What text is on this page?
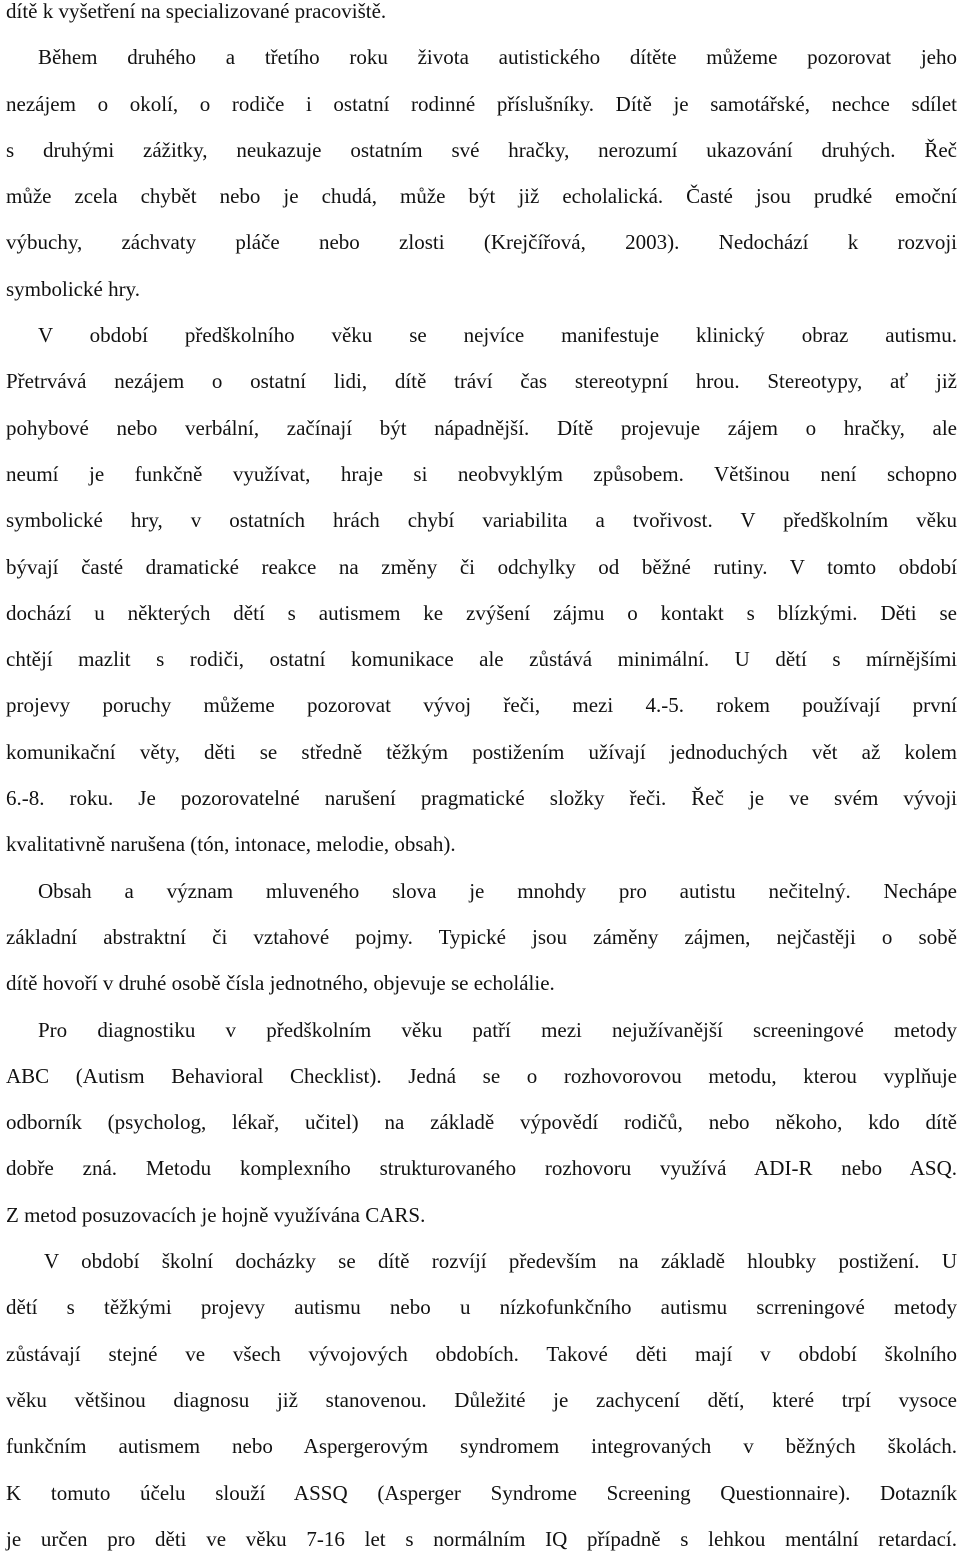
dítě k vyšetření na specializované pracoviště.
Během druhého a třetího roku života autistického dítěte můžeme pozorovat jeho
nezájem o okolí, o rodiče i ostatní rodinné příslušníky. Dítě je samotářské, nechce sdílet
s druhými zážitky, neukazuje ostatním své hračky, nerozumí ukazování druhých. Řeč
může zcela chybět nebo je chudá, může být již echolalická. Časté jsou prudké emoční
výbuchy, záchvaty pláče nebo zlosti (Krejčířová, 2003). Nedochází k rozvoji
symbolické hry.
V období předškolního věku se nejvíce manifestuje klinický obraz autismu.
Přetrvává nezájem o ostatní lidi, dítě tráví čas stereotypní hrou. Stereotypy, ať již
pohybové nebo verbální, začínají být nápadnější. Dítě projevuje zájem o hračky, ale
neumí je funkčně využívat, hraje si neobvyklým způsobem. Většinou není schopno
symbolické hry, v ostatních hrách chybí variabilita a tvořivost. V předškolním věku
bývají časté dramatické reakce na změny či odchylky od běžné rutiny. V tomto období
dochází u některých dětí s autismem ke zvýšení zájmu o kontakt s blízkými. Děti se
chtějí mazlit s rodiči, ostatní komunikace ale zůstává minimální. U dětí s mírnějšími
projevy poruchy můžeme pozorovat vývoj řeči, mezi 4.-5. rokem používají první
komunikační věty, děti se středně těžkým postižením užívají jednoduchých vět až kolem
6.-8. roku. Je pozorovatelné narušení pragmatické složky řeči. Řeč je ve svém vývoji
kvalitativně narušena (tón, intonace, melodie, obsah).
Obsah a význam mluveného slova je mnohdy pro autistu nečitelný. Nechápe
základní abstraktní či vztahové pojmy. Typické jsou záměny zájmen, nejčastěji o sobě
dítě hovoří v druhé osobě čísla jednotného, objevuje se echolálie.
Pro diagnostiku v předškolním věku patří mezi nejužívanější screeningové metody
ABC (Autism Behavioral Checklist). Jedná se o rozhovorovou metodu, kterou vyplňuje
odborník (psycholog, lékař, učitel) na základě výpovědí rodičů, nebo někoho, kdo dítě
dobře zná. Metodu komplexního strukturovaného rozhovoru využívá ADI-R nebo ASQ.
Z metod posuzovacích je hojně využívána CARS.
V období školní docházky se dítě rozvíjí především na základě hloubky postižení. U
dětí s těžkými projevy autismu nebo u nízkofunkčního autismu scrreningové metody
zůstávají stejné ve všech vývojových obdobích. Takové děti mají v období školního
věku většinou diagnosu již stanovenou. Důležité je zachycení dětí, které trpí vysoce
funkčním autismem nebo Aspergerovým syndromem integrovaných v běžných školách.
K tomuto účelu slouží ASSQ (Asperger Syndrome Screening Questionnaire). Dotazník
je určen pro děti ve věku 7-16 let s normálním IQ případně s lehkou mentální retardací.
